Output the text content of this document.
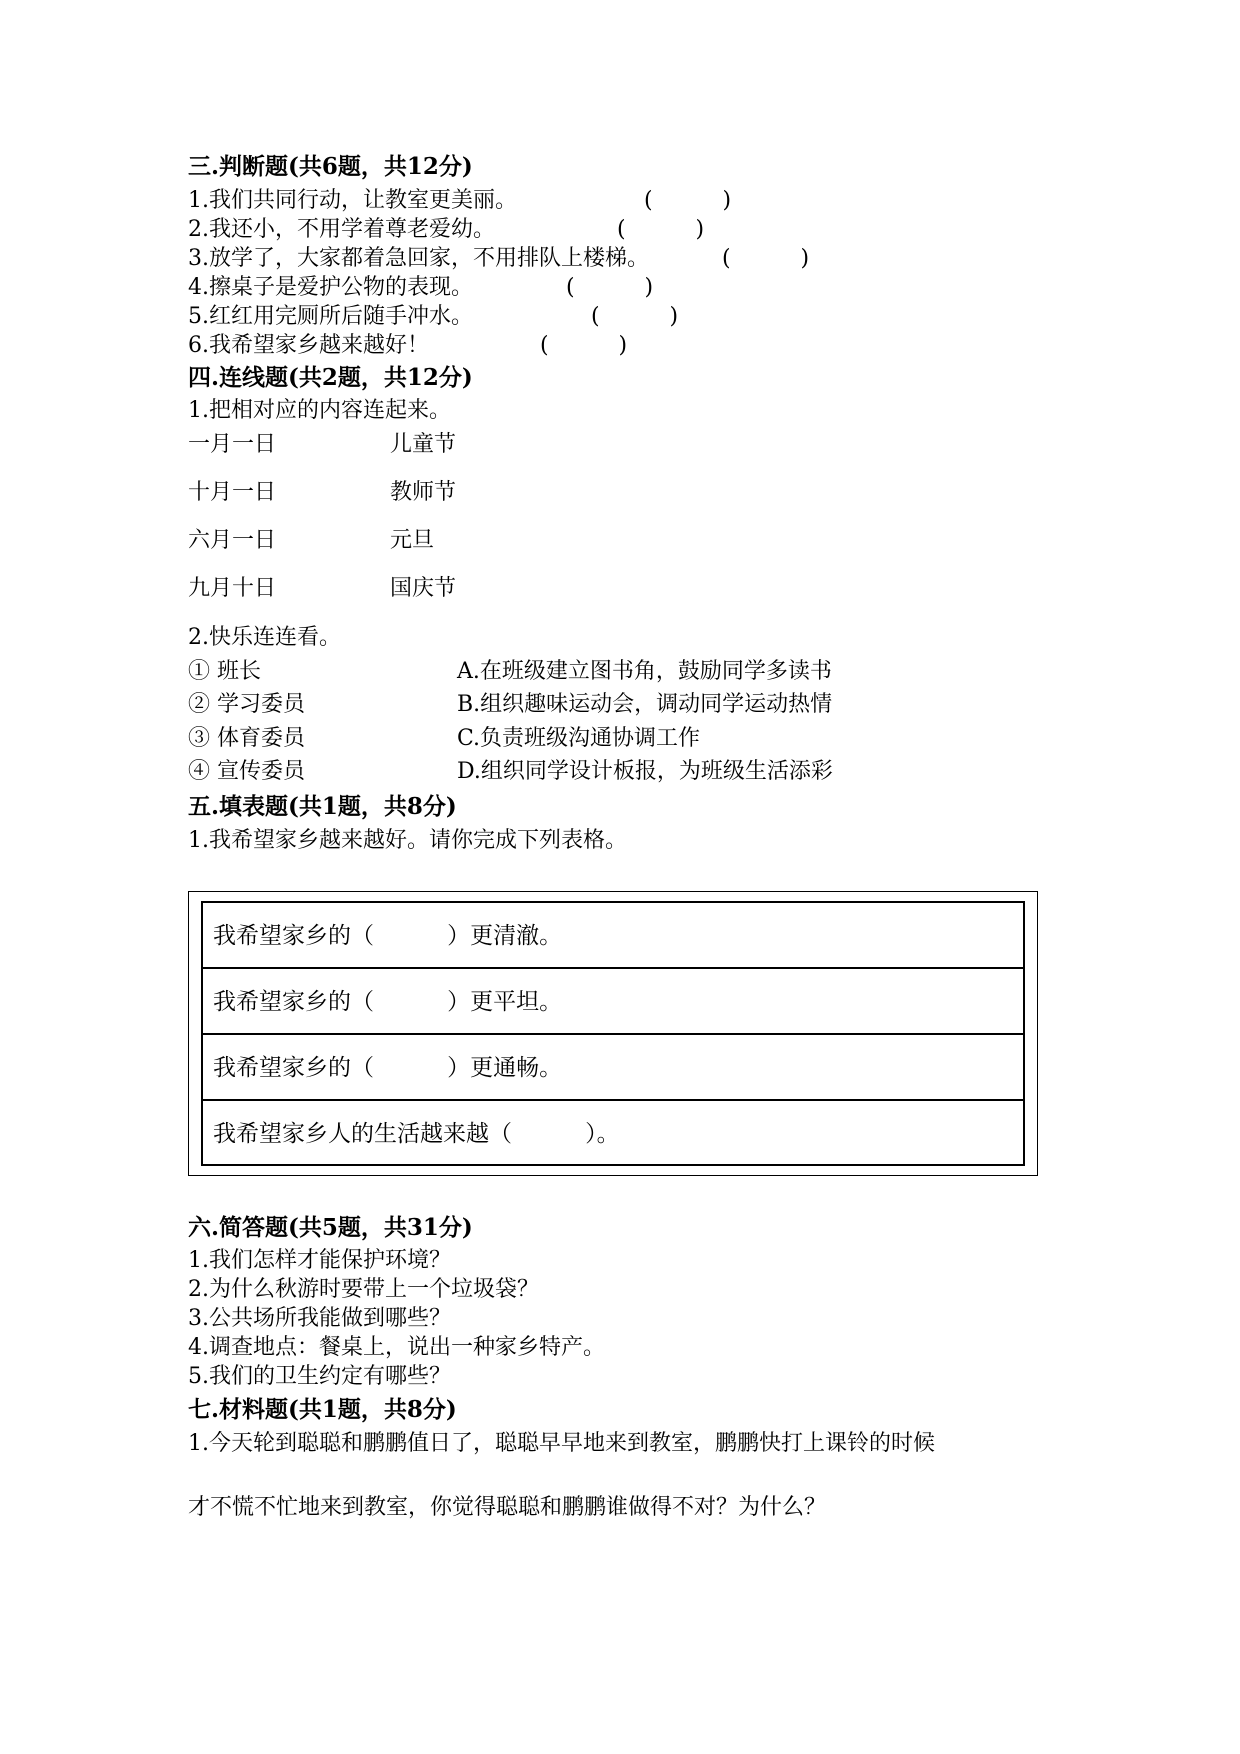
三.判断题(共6题，共12分)
1.我们共同行动，让教室更美丽。	(          )
2.我还小，不用学着尊老爱幼。	(          )
3.放学了，大家都着急回家，不用排队上楼梯。	(          )
4.擦桌子是爱护公物的表现。	(          )
5.红红用完厕所后随手冲水。	(          )
6.我希望家乡越来越好！	(          )
四.连线题(共2题，共12分)
1.把相对应的内容连起来。
一月一日	儿童节
十月一日	教师节
六月一日	元旦
九月十日	国庆节
2.快乐连连看。
① 班长	A.在班级建立图书角，鼓励同学多读书
② 学习委员	B.组织趣味运动会，调动同学运动热情
③ 体育委员	C.负责班级沟通协调工作
④ 宣传委员	D.组织同学设计板报，为班级生活添彩
五.填表题(共1题，共8分)
1.我希望家乡越来越好。请你完成下列表格。
我希望家乡的（          ）更清澈。
我希望家乡的（          ）更平坦。
我希望家乡的（          ）更通畅。
我希望家乡人的生活越来越（          ）。
六.简答题(共5题，共31分)
1.我们怎样才能保护环境？
2.为什么秋游时要带上一个垃圾袋？
3.公共场所我能做到哪些？
4.调查地点：餐桌上，说出一种家乡特产。
5.我们的卫生约定有哪些？
七.材料题(共1题，共8分)
1.今天轮到聪聪和鹏鹏值日了，聪聪早早地来到教室，鹏鹏快打上课铃的时候
才不慌不忙地来到教室，你觉得聪聪和鹏鹏谁做得不对？为什么？
